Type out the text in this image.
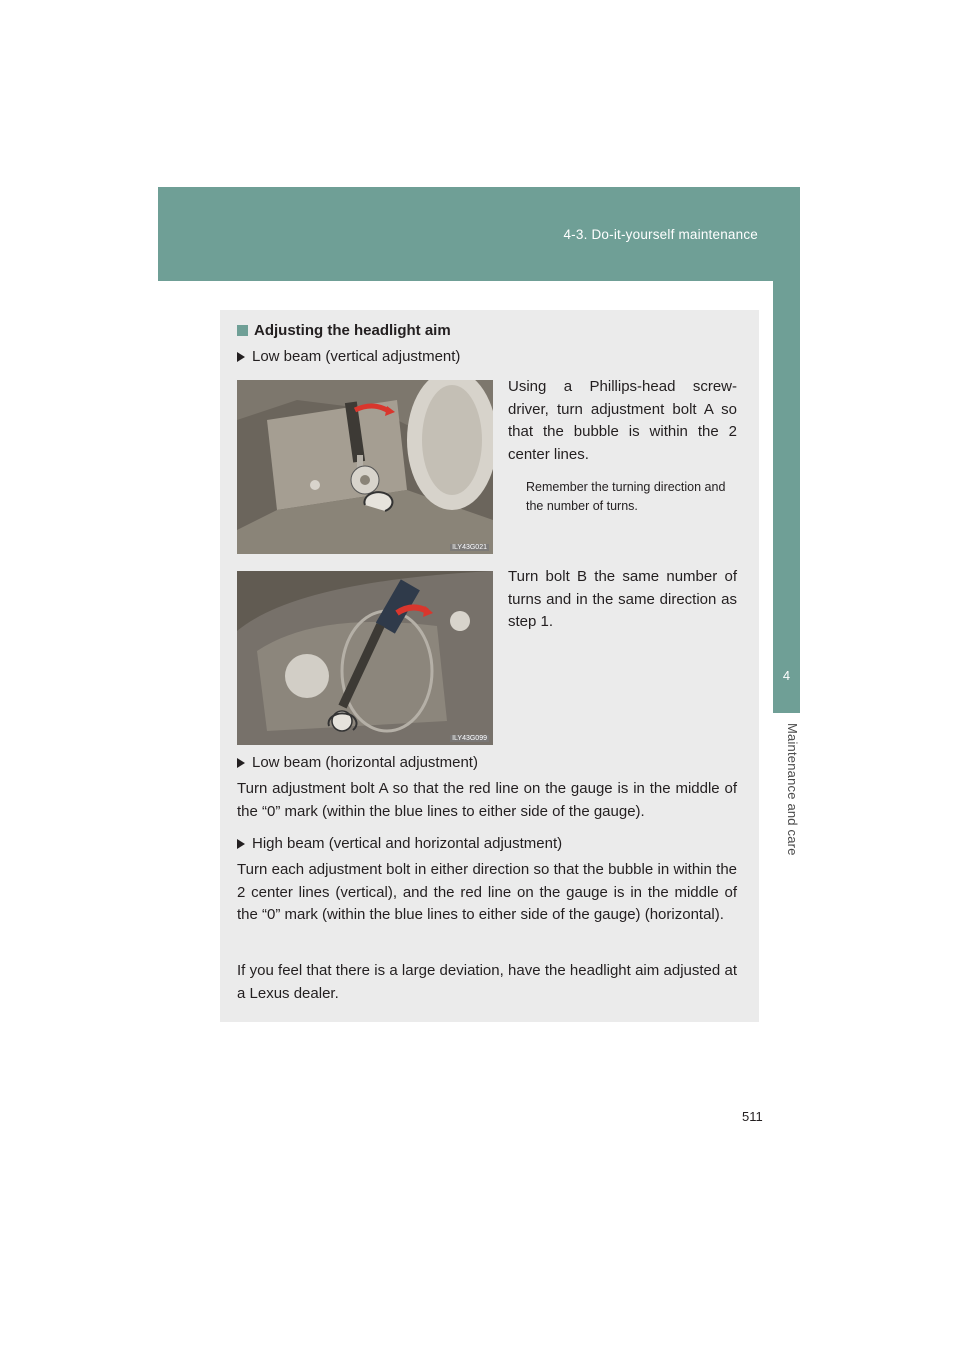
4-3. Do-it-yourself maintenance
4
Maintenance and care
Adjusting the headlight aim
Low beam (vertical adjustment)
ILY43G021
Using a Phillips-head screw-driver, turn adjustment bolt A so that the bubble is within the 2 center lines.
Remember the turning direction and the number of turns.
ILY43G099
Turn bolt B the same number of turns and in the same direction as step 1.
Low beam (horizontal adjustment)
Turn adjustment bolt A so that the red line on the gauge is in the middle of the “0” mark (within the blue lines to either side of the gauge).
High beam (vertical and horizontal adjustment)
Turn each adjustment bolt in either direction so that the bubble in within the 2 center lines (vertical), and the red line on the gauge is in the middle of the “0” mark (within the blue lines to either side of the gauge) (horizontal).
If you feel that there is a large deviation, have the headlight aim adjusted at a Lexus dealer.
511
